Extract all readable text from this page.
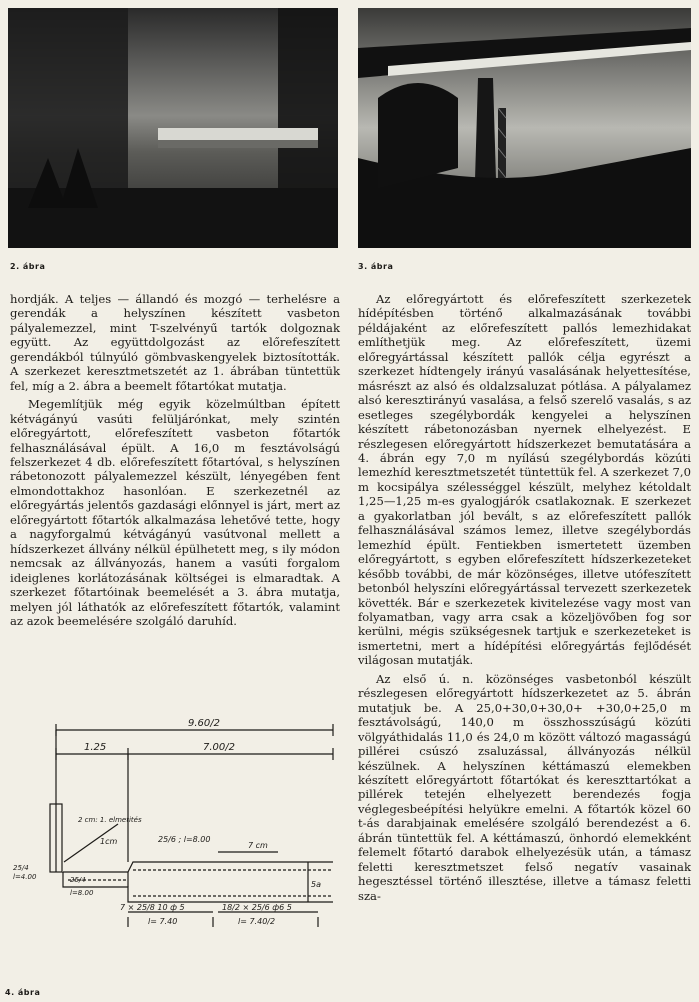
2. ábra	3. ábra

hordják. A teljes — állandó és mozgó — terhelésre a gerendák a helyszínen készített vasbeton pályalemezzel, mint T-szelvényű tartók dolgoznak együtt. Az együttdolgozást az előrefeszített gerendákból túlnyúló gömbvaskengyelek biztosították. A szerkezet keresztmetszetét az 1. ábrában tüntettük fel, míg a 2. ábra a beemelt főtartókat mutatja.

Megemlítjük még egyik közelmúltban épített kétvágányú vasúti felüljárónkat, mely szintén előregyártott, előrefeszített vasbeton főtartók felhasználásával épült. A 16,0 m fesztávolságú felszerkezet 4 db. előrefeszített főtartóval, s helyszínen rábetonozott pályalemezzel készült, lényegében fent elmondottakhoz hasonlóan. E szerkezetnél az előregyártás jelentős gazdasági előnnyel is járt, mert az előregyártott főtartók alkalmazása lehetővé tette, hogy a nagyforgalmú kétvágányú vasútvonal mellett a hídszerkezet állvány nélkül épülhetett meg, s ily módon nemcsak az állványozás, hanem a vasúti forgalom ideiglenes korlátozásának költségei is elmaradtak. A szerkezet főtartóinak beemelését a 3. ábra mutatja, melyen jól láthatók az előrefeszített főtartók, valamint az azok beemelésére szolgáló daruhíd.

Az előregyártott és előrefeszített szerkezetek hídépítésben történő alkalmazásának további példájaként az előrefeszített pallós lemezhidakat említhetjük meg. Az előrefeszített, üzemi előregyártással készített pallók célja egyrészt a szerkezet hídtengely irányú vasalásának helyettesítése, másrészt az alsó és oldalzsaluzat pótlása. A pályalamez alsó keresztirányú vasalása, a felső szerelő vasalás, s az esetleges szegélybordák kengyelei a helyszínen készített rábetonozásban nyernek elhelyezést. E részlegesen előregyártott hídszerkezet bemutatására a 4. ábrán egy 7,0 m nyílású szegélybordás közúti lemezhíd keresztmetszetét tüntettük fel. A szerkezet 7,0 m kocsipálya szélességgel készült, melyhez kétoldalt 1,25—1,25 m-es gyalogjárók csatlakoznak. E szerkezet a gyakorlatban jól bevált, s az előrefeszített pallók felhasználásával számos lemez, illetve szegélybordás lemezhíd épült. Fentiekben ismertetett üzemben előregyártott, s egyben előrefeszített hídszerkezeteket később további, de már közönséges, illetve utófeszített betonból helyszíni előregyártással tervezett szerkezetek követték. Bár e szerkezetek kivitelezése vagy most van folyamatban, vagy arra csak a közeljövőben fog sor kerülni, mégis szükségesnek tartjuk e szerkezeteket is ismertetni, mert a hídépítési előregyártás fejlődését világosan mutatják.

Az első ú. n. közönséges vasbetonból készült részlegesen előregyártott hídszerkezetet az 5. ábrán mutatjuk be. A 25,0+30,0+30,0+ +30,0+25,0 m fesztávolságú, 140,0 m összhosszúságú közúti völgyáthidalás 11,0 és 24,0 m között változó magasságú pillérei csúszó zsaluzással, állványozás nélkül készülnek. A helyszínen kéttámaszú elemekben készített előregyártott főtartókat és kereszttartókat a pillérek tetején elhelyezett berendezés fogja véglegesbeépítési helyükre emelni. A főtartók közel 60 t-ás darabjainak emelésére szolgáló berendezést a 6. ábrán tüntettük fel. A kéttámaszú, önhordó elemekként felemelt főtartó darabok elhelyezésük után, a támasz feletti keresztmetszet felső negatív vasainak hegesztéssel történő illesztése, illetve a támasz feletti sza-

9.60/2
1.25	7.00/2
2 cm: 1. elmetités
1cm	25/6 ; l=8.00
7 cm
25/4
l=4.00	25/4
l=8.00
5a
7 × 25/8 10 ф 5	18/2 × 25/6 ф6 5
l= 7.40	l= 7.40/2
4. ábra
